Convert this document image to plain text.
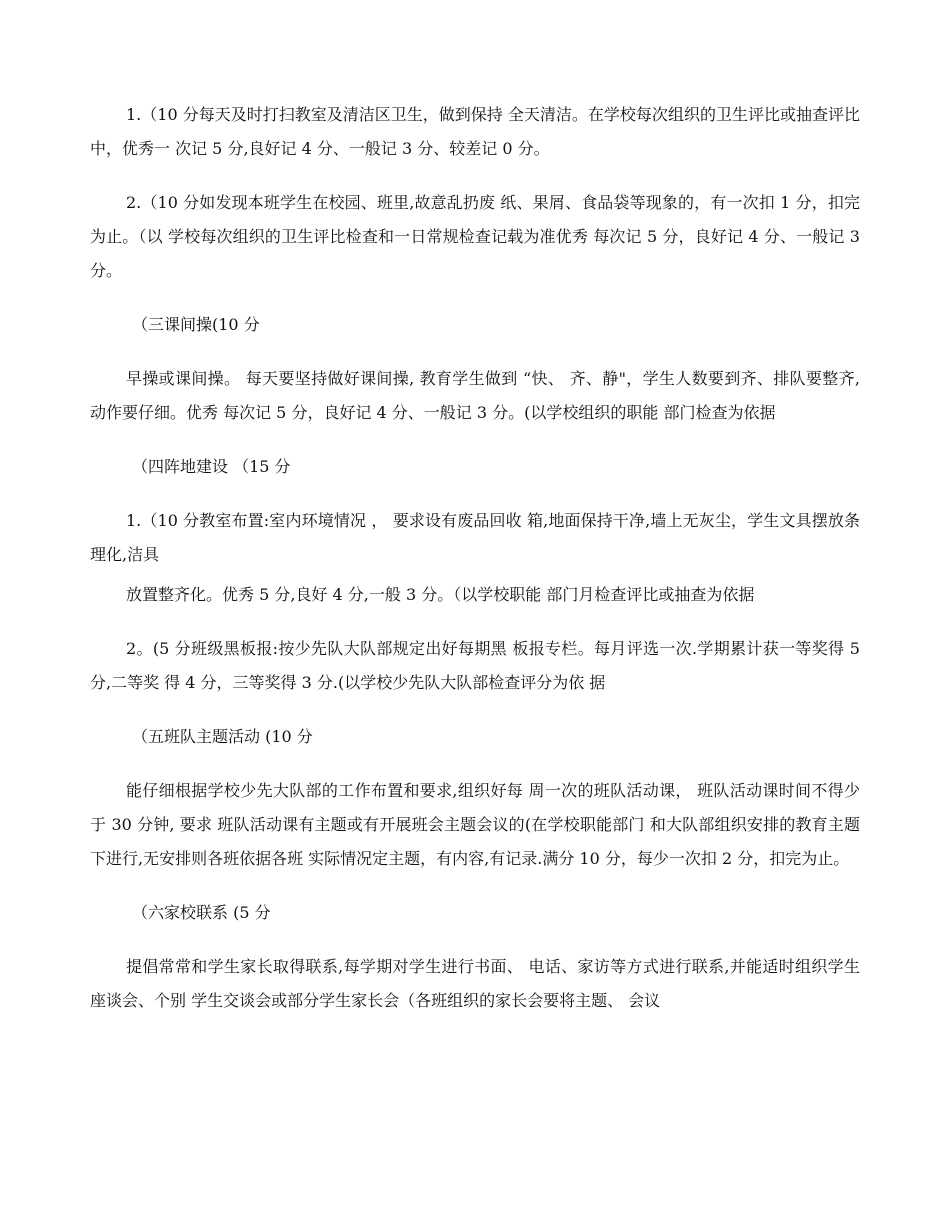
1.（10 分每天及时打扫教室及清洁区卫生，做到保持 全天清洁。在学校每次组织的卫生评比或抽查评比中，优秀一 次记 5 分,良好记 4 分、一般记 3 分、较差记 0 分。

2.（10 分如发现本班学生在校园、班里,故意乱扔废 纸、果屑、食品袋等现象的，有一次扣 1 分，扣完为止。（以 学校每次组织的卫生评比检查和一日常规检查记载为准优秀 每次记 5 分，良好记 4 分、一般记 3 分。

（三课间操(10 分

早操或课间操。 每天要坚持做好课间操, 教育学生做到 “快、 齐、静"，学生人数要到齐、排队要整齐,动作要仔细。优秀 每次记 5 分，良好记 4 分、一般记 3 分。(以学校组织的职能 部门检查为依据

（四阵地建设 （15 分

1.（10 分教室布置:室内环境情况 ， 要求设有废品回收 箱,地面保持干净,墙上无灰尘，学生文具摆放条理化,洁具

放置整齐化。优秀 5 分,良好 4 分,一般 3 分。（以学校职能 部门月检查评比或抽查为依据

2。(5 分班级黑板报:按少先队大队部规定出好每期黑 板报专栏。每月评选一次.学期累计获一等奖得 5 分,二等奖 得 4 分，三等奖得 3 分.(以学校少先队大队部检查评分为依 据

（五班队主题活动 (10 分

能仔细根据学校少先大队部的工作布置和要求,组织好每 周一次的班队活动课， 班队活动课时间不得少于 30 分钟, 要求 班队活动课有主题或有开展班会主题会议的(在学校职能部门 和大队部组织安排的教育主题下进行,无安排则各班依据各班 实际情况定主题，有内容,有记录.满分 10 分，每少一次扣 2 分，扣完为止。

（六家校联系 (5 分

提倡常常和学生家长取得联系,每学期对学生进行书面、 电话、家访等方式进行联系,并能适时组织学生座谈会、个别 学生交谈会或部分学生家长会（各班组织的家长会要将主题、 会议
